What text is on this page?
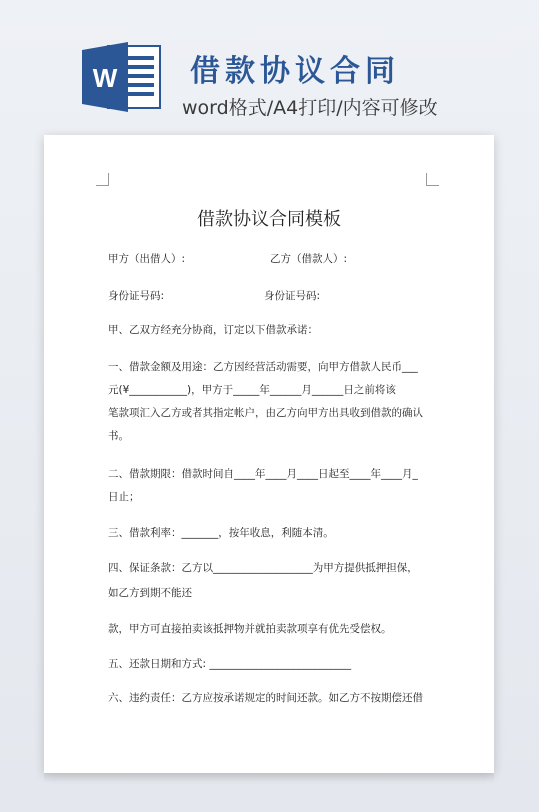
W 借款协议合同
word格式/A4打印/内容可修改
借款协议合同模板
甲方（出借人）:	乙方（借款人）:
身份证号码:	身份证号码:
甲、乙双方经充分协商，订定以下借款承诺：
一、借款金额及用途：乙方因经营活动需要，向甲方借款人民币___
元(¥___________)，甲方于_____年______月______日之前将该
笔款项汇入乙方或者其指定帐户，由乙方向甲方出具收到借款的确认
书。
二、借款期限：借款时间自____年____月____日起至____年____月_
日止；
三、借款利率：_______，按年收息，利随本清。
四、保证条款：乙方以___________________为甲方提供抵押担保，
如乙方到期不能还
款，甲方可直接拍卖该抵押物并就拍卖款项享有优先受偿权。
五、还款日期和方式: ___________________________
六、违约责任：乙方应按承诺规定的时间还款。如乙方不按期偿还借
